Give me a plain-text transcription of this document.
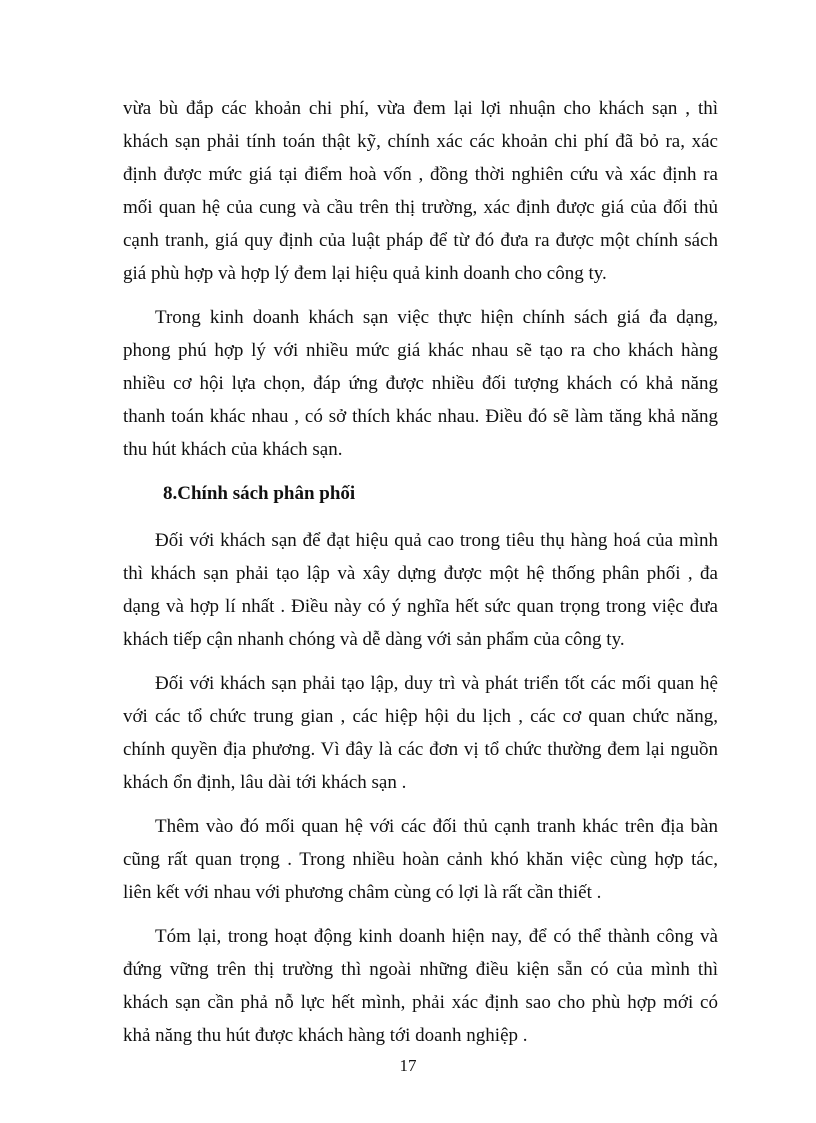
vừa bù đắp các khoản chi phí, vừa đem lại lợi nhuận cho khách sạn , thì
khách sạn phải tính toán thật kỹ, chính xác các khoản chi phí đã bỏ ra, xác
định được mức giá tại điểm hoà vốn , đồng thời nghiên cứu và xác định ra
mối quan hệ của cung và cầu trên thị trường, xác định được giá của đối thủ
cạnh tranh, giá quy định của luật pháp để từ đó đưa ra được một chính sách
giá phù hợp và hợp lý đem lại hiệu quả kinh doanh cho công ty.
Trong kinh doanh khách sạn việc thực hiện chính sách giá đa dạng,
phong phú hợp lý với nhiều mức giá khác nhau sẽ tạo ra cho khách hàng
nhiều cơ hội lựa chọn, đáp ứng được nhiều đối tượng khách có khả năng
thanh toán khác nhau , có sở thích khác nhau. Điều đó sẽ làm tăng khả năng
thu hút khách của khách sạn.
8.Chính sách phân phối
Đối với khách sạn để đạt hiệu quả cao trong tiêu thụ hàng hoá của mình
thì khách sạn phải tạo lập và xây dựng được một hệ thống phân phối , đa
dạng và hợp lí nhất . Điều này có ý nghĩa hết sức quan trọng trong việc đưa
khách tiếp cận nhanh chóng và dễ dàng với sản phẩm của công ty.
Đối với khách sạn phải tạo lập, duy trì và phát triển tốt các mối quan hệ
với các tổ chức trung gian , các hiệp hội du lịch , các cơ quan chức năng,
chính quyền địa phương. Vì đây là các đơn vị tổ chức thường đem lại nguồn
khách ổn định, lâu dài tới khách sạn .
Thêm vào đó mối quan hệ với các đối thủ cạnh tranh khác trên địa bàn
cũng rất quan trọng . Trong nhiều hoàn cảnh khó khăn việc cùng hợp tác,
liên kết với nhau với phương châm cùng có lợi là rất cần thiết .
Tóm lại, trong hoạt động kinh doanh hiện nay, để có thể thành công và
đứng vững trên thị trường thì ngoài những điều kiện sẵn có của mình thì
khách sạn cần phả nỗ lực hết mình, phải xác định sao cho phù hợp mới có
khả năng thu hút được khách hàng tới doanh nghiệp .
17
